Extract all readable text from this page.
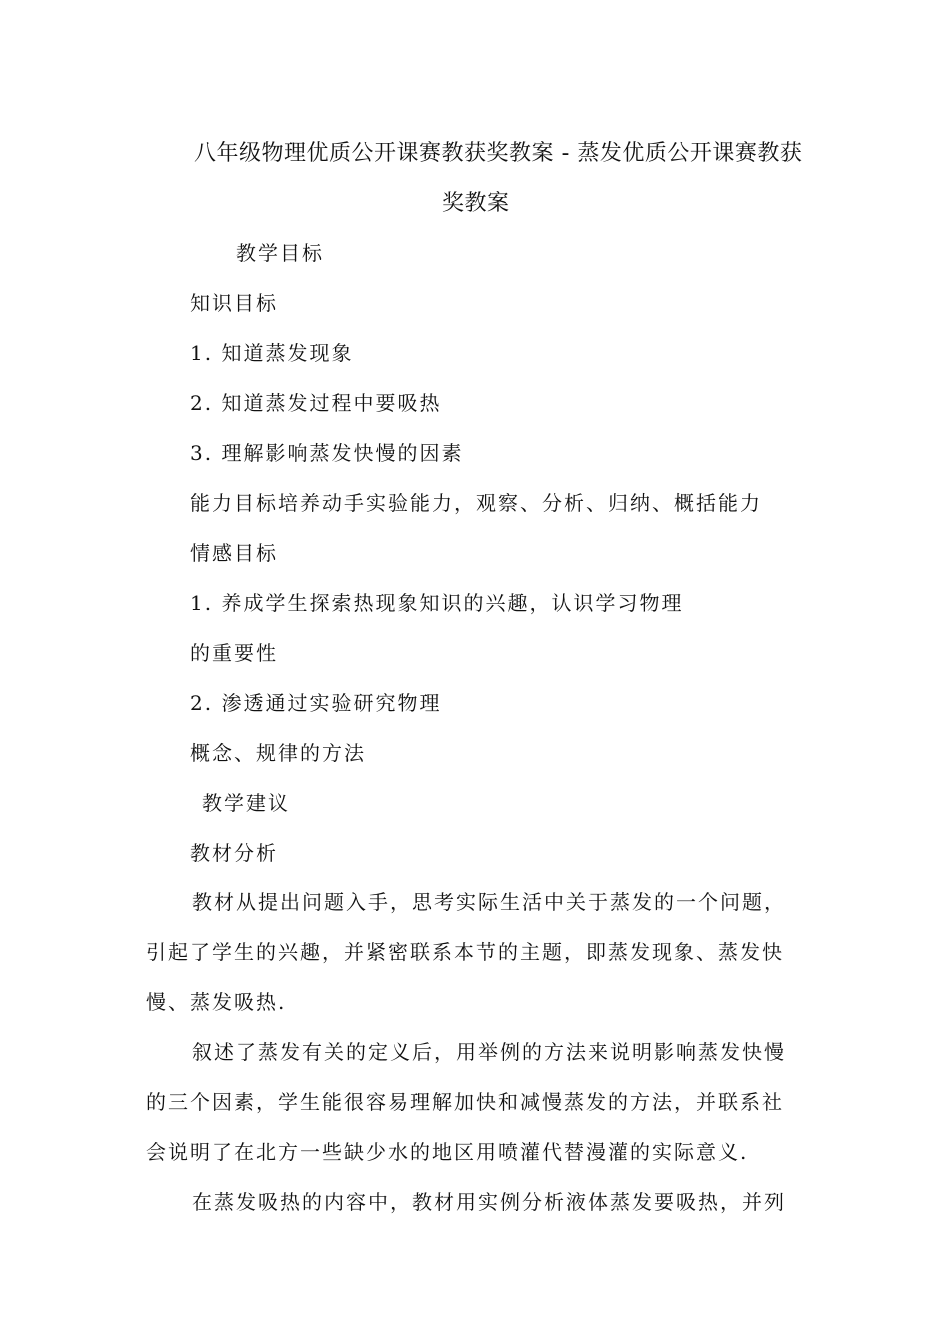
八年级物理优质公开课赛教获奖教案 - 蒸发优质公开课赛教获
奖教案
教学目标
知识目标
1. 知道蒸发现象
2. 知道蒸发过程中要吸热
3. 理解影响蒸发快慢的因素
能力目标培养动手实验能力，观察、分析、归纳、概括能力
情感目标
1. 养成学生探索热现象知识的兴趣，认识学习物理
的重要性
2. 渗透通过实验研究物理
概念、规律的方法
教学建议
教材分析
教材从提出问题入手，思考实际生活中关于蒸发的一个问题，
引起了学生的兴趣，并紧密联系本节的主题，即蒸发现象、蒸发快
慢、蒸发吸热.
叙述了蒸发有关的定义后，用举例的方法来说明影响蒸发快慢
的三个因素，学生能很容易理解加快和减慢蒸发的方法，并联系社
会说明了在北方一些缺少水的地区用喷灌代替漫灌的实际意义.
在蒸发吸热的内容中，教材用实例分析液体蒸发要吸热，并列
